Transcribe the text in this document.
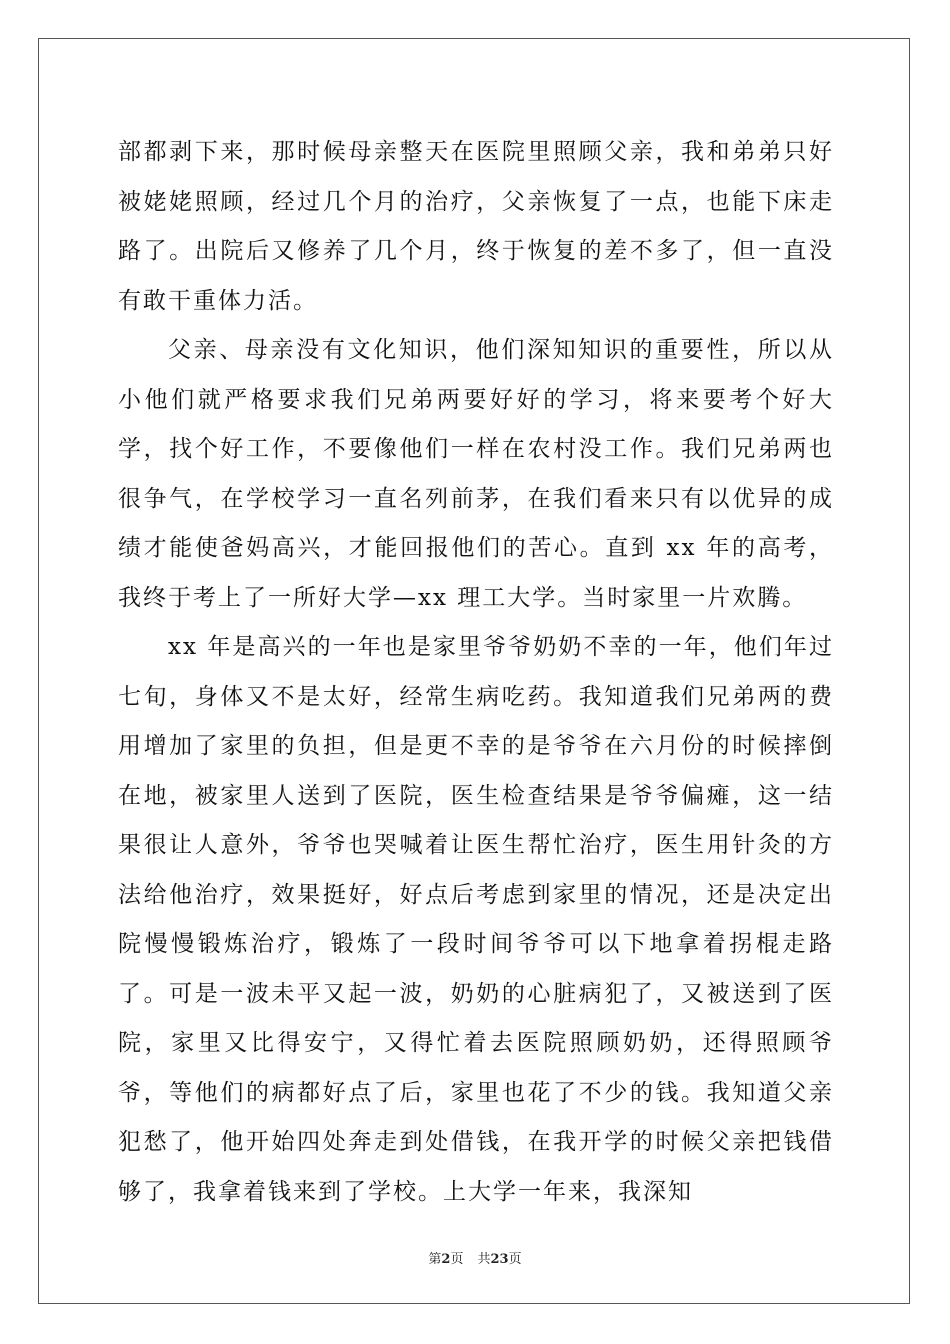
部都剥下来，那时候母亲整天在医院里照顾父亲，我和弟弟只好被姥姥照顾，经过几个月的治疗，父亲恢复了一点，也能下床走路了。出院后又修养了几个月，终于恢复的差不多了，但一直没有敢干重体力活。

父亲、母亲没有文化知识，他们深知知识的重要性，所以从小他们就严格要求我们兄弟两要好好的学习，将来要考个好大学，找个好工作，不要像他们一样在农村没工作。我们兄弟两也很争气，在学校学习一直名列前茅，在我们看来只有以优异的成绩才能使爸妈高兴，才能回报他们的苦心。直到 xx 年的高考，我终于考上了一所好大学—xx 理工大学。当时家里一片欢腾。

xx 年是高兴的一年也是家里爷爷奶奶不幸的一年，他们年过七旬，身体又不是太好，经常生病吃药。我知道我们兄弟两的费用增加了家里的负担，但是更不幸的是爷爷在六月份的时候摔倒在地，被家里人送到了医院，医生检查结果是爷爷偏瘫，这一结果很让人意外，爷爷也哭喊着让医生帮忙治疗，医生用针灸的方法给他治疗，效果挺好，好点后考虑到家里的情况，还是决定出院慢慢锻炼治疗，锻炼了一段时间爷爷可以下地拿着拐棍走路了。可是一波未平又起一波，奶奶的心脏病犯了，又被送到了医院，家里又比得安宁，又得忙着去医院照顾奶奶，还得照顾爷爷，等他们的病都好点了后，家里也花了不少的钱。我知道父亲犯愁了，他开始四处奔走到处借钱，在我开学的时候父亲把钱借够了，我拿着钱来到了学校。上大学一年来，我深知

第2页 共23页
